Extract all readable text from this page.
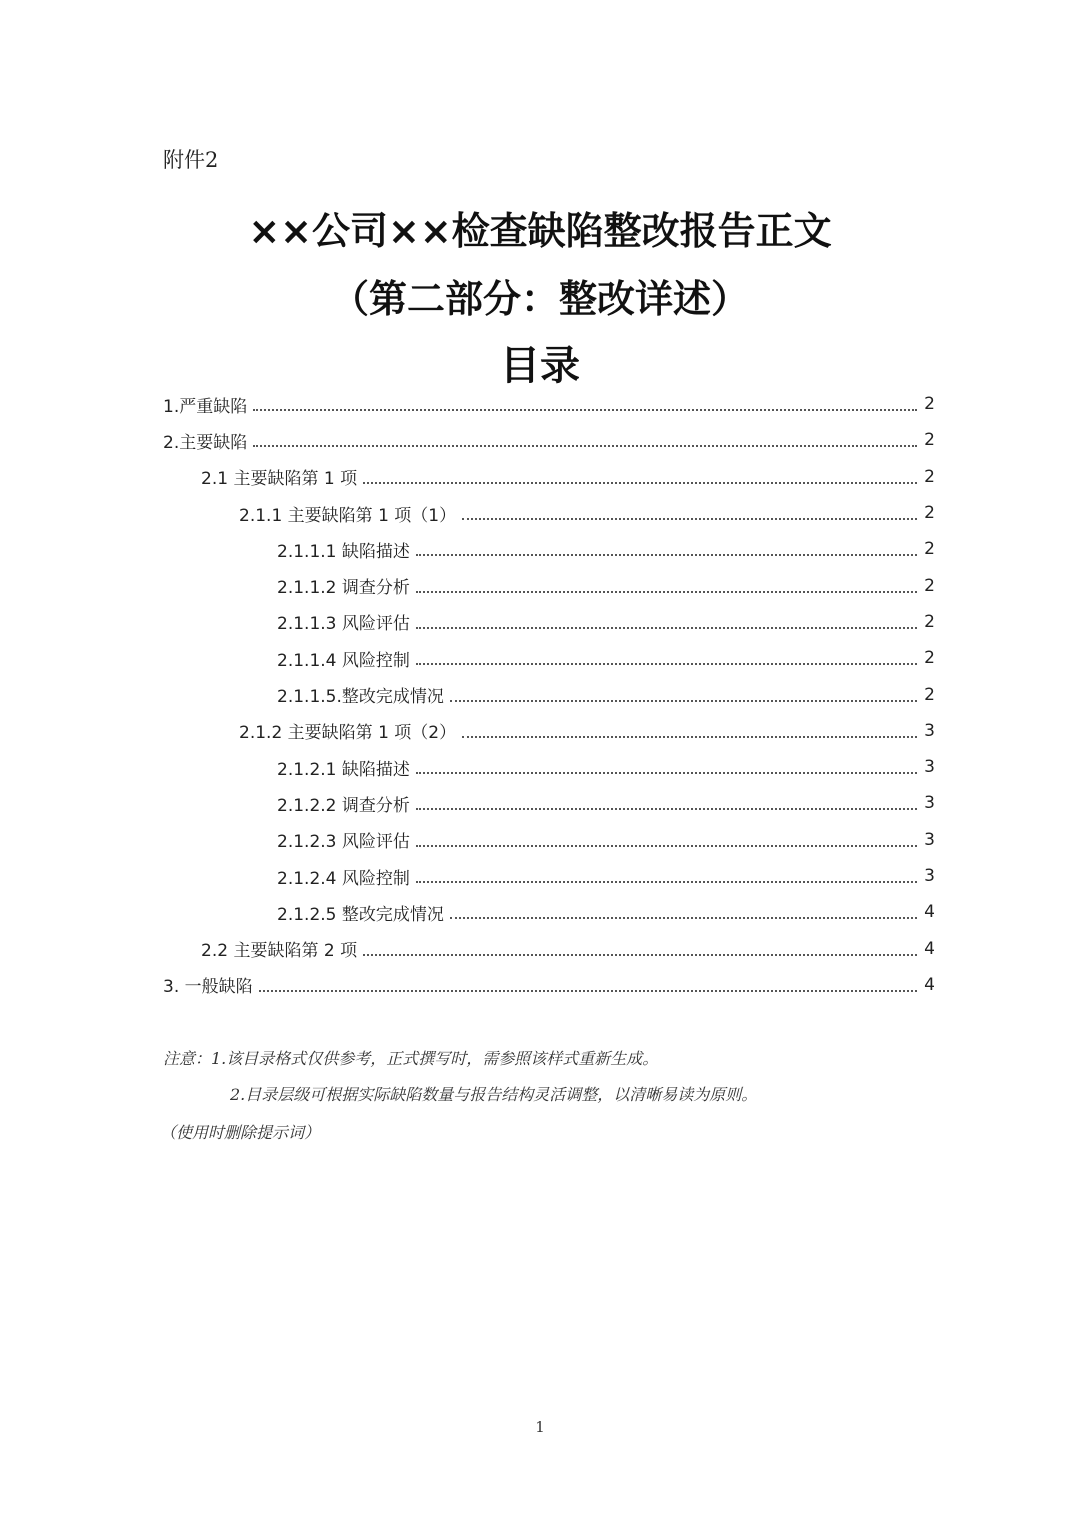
附件2
××公司××检查缺陷整改报告正文
（第二部分：整改详述）
目录
1.严重缺陷	2
2.主要缺陷	2
2.1 主要缺陷第 1 项	2
2.1.1 主要缺陷第 1 项（1）	2
2.1.1.1 缺陷描述	2
2.1.1.2 调查分析	2
2.1.1.3 风险评估	2
2.1.1.4 风险控制	2
2.1.1.5.整改完成情况	2
2.1.2 主要缺陷第 1 项（2）	3
2.1.2.1 缺陷描述	3
2.1.2.2 调查分析	3
2.1.2.3 风险评估	3
2.1.2.4 风险控制	3
2.1.2.5 整改完成情况	4
2.2 主要缺陷第 2 项	4
3. 一般缺陷	4
注意：1.该目录格式仅供参考，正式撰写时，需参照该样式重新生成。
2.目录层级可根据实际缺陷数量与报告结构灵活调整，以清晰易读为原则。
（使用时删除提示词）
1
